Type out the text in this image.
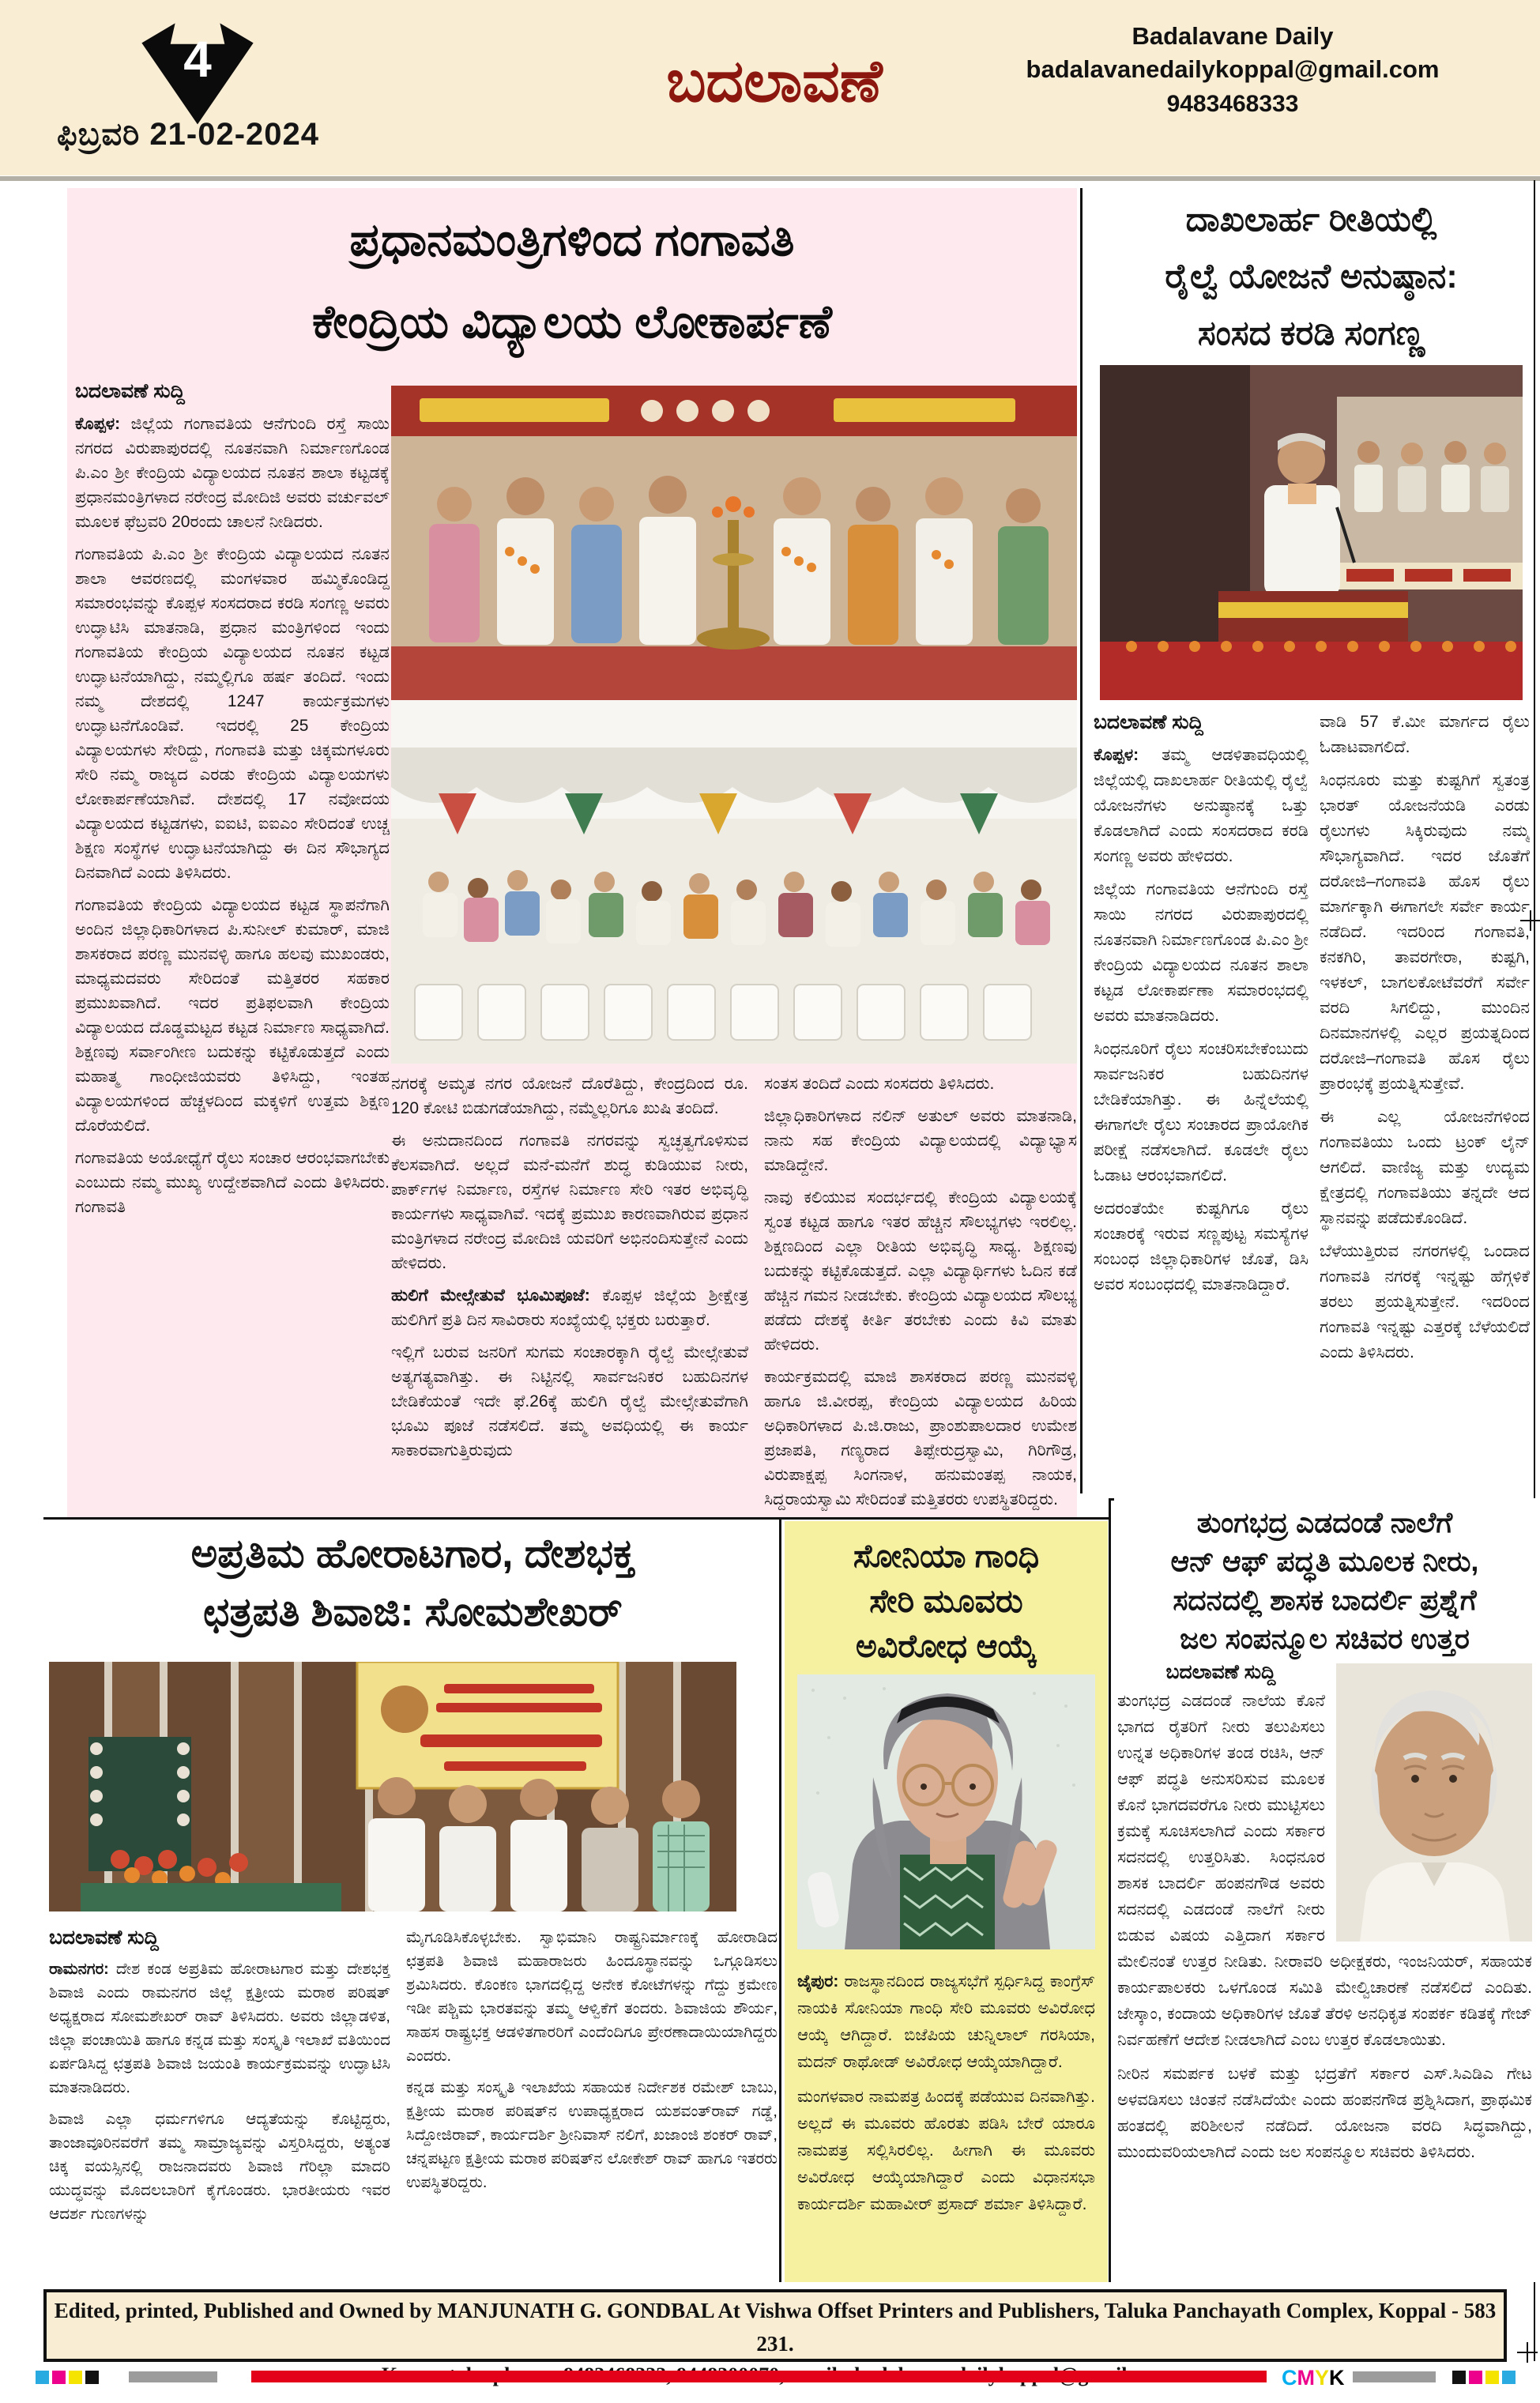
4
ಫಿಬ್ರವರಿ 21-02-2024
ಬದಲಾವಣೆ
Badalavane Daily
badalavanedailykoppal@gmail.com
9483468333
ಪ್ರಧಾನಮಂತ್ರಿಗಳಿಂದ ಗಂಗಾವತಿ
ಕೇಂದ್ರಿಯ ವಿದ್ಯಾಲಯ ಲೋಕಾರ್ಪಣೆ

ಬದಲಾವಣೆ ಸುದ್ದಿ

ಕೊಪ್ಪಳ: ಜಿಲ್ಲೆಯ ಗಂಗಾವತಿಯ ಆನೆಗುಂದಿ ರಸ್ತೆ ಸಾಯಿ ನಗರದ ವಿರುಪಾಪುರದಲ್ಲಿ ನೂತನವಾಗಿ ನಿರ್ಮಾಣಗೊಂಡ ಪಿ.ಎಂ ಶ್ರೀ ಕೇಂದ್ರಿಯ ವಿದ್ಯಾಲಯದ ನೂತನ ಶಾಲಾ ಕಟ್ಟಡಕ್ಕೆ ಪ್ರಧಾನಮಂತ್ರಿಗಳಾದ ನರೇಂದ್ರ ಮೋದಿಜಿ ಅವರು ವರ್ಚುವಲ್ ಮೂಲಕ ಫೆಬ್ರವರಿ 20ರಂದು ಚಾಲನೆ ನೀಡಿದರು.

ಗಂಗಾವತಿಯ ಪಿ.ಎಂ ಶ್ರೀ ಕೇಂದ್ರಿಯ ವಿದ್ಯಾಲಯದ ನೂತನ ಶಾಲಾ ಆವರಣದಲ್ಲಿ ಮಂಗಳವಾರ ಹಮ್ಮಿಕೊಂಡಿದ್ದ ಸಮಾರಂಭವನ್ನು ಕೊಪ್ಪಳ ಸಂಸದರಾದ ಕರಡಿ ಸಂಗಣ್ಣ ಅವರು ಉದ್ಘಾಟಿಸಿ ಮಾತನಾಡಿ, ಪ್ರಧಾನ ಮಂತ್ರಿಗಳಿಂದ ಇಂದು ಗಂಗಾವತಿಯ ಕೇಂದ್ರಿಯ ವಿದ್ಯಾಲಯದ ನೂತನ ಕಟ್ಟಡ ಉದ್ಘಾಟನೆಯಾಗಿದ್ದು, ನಮ್ಮಲ್ಲಿಗೂ ಹರ್ಷ ತಂದಿದೆ. ಇಂದು ನಮ್ಮ ದೇಶದಲ್ಲಿ 1247 ಕಾರ್ಯಕ್ರಮಗಳು ಉದ್ಘಾಟನೆಗೊಂಡಿವೆ. ಇದರಲ್ಲಿ 25 ಕೇಂದ್ರಿಯ ವಿದ್ಯಾಲಯಗಳು ಸೇರಿದ್ದು, ಗಂಗಾವತಿ ಮತ್ತು ಚಿಕ್ಕಮಗಳೂರು ಸೇರಿ ನಮ್ಮ ರಾಜ್ಯದ ಎರಡು ಕೇಂದ್ರಿಯ ವಿದ್ಯಾಲಯಗಳು ಲೋಕಾರ್ಪಣೆಯಾಗಿವೆ. ದೇಶದಲ್ಲಿ 17 ನವೋದಯ ವಿದ್ಯಾಲಯದ ಕಟ್ಟಡಗಳು, ಐಐಟಿ, ಐಐಎಂ ಸೇರಿದಂತೆ ಉಚ್ಚ ಶಿಕ್ಷಣ ಸಂಸ್ಥೆಗಳ ಉದ್ಘಾಟನೆಯಾಗಿದ್ದು ಈ ದಿನ ಸೌಭಾಗ್ಯದ ದಿನವಾಗಿದೆ ಎಂದು ತಿಳಿಸಿದರು.

ಗಂಗಾವತಿಯ ಕೇಂದ್ರಿಯ ವಿದ್ಯಾಲಯದ ಕಟ್ಟಡ ಸ್ಥಾಪನೆಗಾಗಿ ಅಂದಿನ ಜಿಲ್ಲಾಧಿಕಾರಿಗಳಾದ ಪಿ.ಸುನೀಲ್ ಕುಮಾರ್, ಮಾಜಿ ಶಾಸಕರಾದ ಪರಣ್ಣ ಮುನವಳ್ಳಿ ಹಾಗೂ ಹಲವು ಮುಖಂಡರು, ಮಾಧ್ಯಮದವರು ಸೇರಿದಂತೆ ಮತ್ತಿತರರ ಸಹಕಾರ ಪ್ರಮುಖವಾಗಿದೆ. ಇದರ ಪ್ರತಿಫಲವಾಗಿ ಕೇಂದ್ರಿಯ ವಿದ್ಯಾಲಯದ ದೊಡ್ಡಮಟ್ಟದ ಕಟ್ಟಡ ನಿರ್ಮಾಣ ಸಾಧ್ಯವಾಗಿದೆ. ಶಿಕ್ಷಣವು ಸರ್ವಾಂಗೀಣ ಬದುಕನ್ನು ಕಟ್ಟಿಕೊಡುತ್ತದೆ ಎಂದು ಮಹಾತ್ಮ ಗಾಂಧೀಜಿಯವರು ತಿಳಿಸಿದ್ದು, ಇಂತಹ ವಿದ್ಯಾಲಯಗಳಿಂದ ಹೆಚ್ಚಳದಿಂದ ಮಕ್ಕಳಿಗೆ ಉತ್ತಮ ಶಿಕ್ಷಣ ದೊರೆಯಲಿದೆ.

ಗಂಗಾವತಿಯ ಅಯೋಧ್ಯೆಗೆ ರೈಲು ಸಂಚಾರ ಆರಂಭವಾಗಬೇಕು ಎಂಬುದು ನಮ್ಮ ಮುಖ್ಯ ಉದ್ದೇಶವಾಗಿದೆ ಎಂದು ತಿಳಿಸಿದರು. ಗಂಗಾವತಿ

ನಗರಕ್ಕೆ ಅಮೃತ ನಗರ ಯೋಜನೆ ದೊರೆತಿದ್ದು, ಕೇಂದ್ರದಿಂದ ರೂ. 120 ಕೋಟಿ ಬಿಡುಗಡೆಯಾಗಿದ್ದು, ನಮ್ಮೆಲ್ಲರಿಗೂ ಖುಷಿ ತಂದಿದೆ.

ಈ ಅನುದಾನದಿಂದ ಗಂಗಾವತಿ ನಗರವನ್ನು ಸ್ವಚ್ಛತ್ವಗೊಳಿಸುವ ಕೆಲಸವಾಗಿದೆ. ಅಲ್ಲದೆ ಮನೆ-ಮನೆಗೆ ಶುದ್ಧ ಕುಡಿಯುವ ನೀರು, ಪಾರ್ಕ್‌ಗಳ ನಿರ್ಮಾಣ, ರಸ್ತೆಗಳ ನಿರ್ಮಾಣ ಸೇರಿ ಇತರ ಅಭಿವೃದ್ಧಿ ಕಾರ್ಯಗಳು ಸಾಧ್ಯವಾಗಿವೆ. ಇದಕ್ಕೆ ಪ್ರಮುಖ ಕಾರಣವಾಗಿರುವ ಪ್ರಧಾನ ಮಂತ್ರಿಗಳಾದ ನರೇಂದ್ರ ಮೋದಿಜಿ ಯವರಿಗೆ ಅಭಿನಂದಿಸುತ್ತೇನೆ ಎಂದು ಹೇಳಿದರು.

ಹುಲಿಗೆ ಮೇಲ್ಸೇತುವೆ ಭೂಮಿಪೂಜೆ: ಕೊಪ್ಪಳ ಜಿಲ್ಲೆಯ ಶ್ರೀಕ್ಷೇತ್ರ ಹುಲಿಗಿಗೆ ಪ್ರತಿ ದಿನ ಸಾವಿರಾರು ಸಂಖ್ಯೆಯಲ್ಲಿ ಭಕ್ತರು ಬರುತ್ತಾರೆ.

ಇಲ್ಲಿಗೆ ಬರುವ ಜನರಿಗೆ ಸುಗಮ ಸಂಚಾರಕ್ಕಾಗಿ ರೈಲ್ವೆ ಮೇಲ್ಸೇತುವೆ ಅತ್ಯಗತ್ಯವಾಗಿತ್ತು. ಈ ನಿಟ್ಟಿನಲ್ಲಿ ಸಾರ್ವಜನಿಕರ ಬಹುದಿನಗಳ ಬೇಡಿಕೆಯಂತೆ ಇದೇ ಫೆ.26ಕ್ಕೆ ಹುಲಿಗಿ ರೈಲ್ವೆ ಮೇಲ್ಸೇತುವೆಗಾಗಿ ಭೂಮಿ ಪೂಜೆ ನಡೆಸಲಿದೆ. ತಮ್ಮ ಅವಧಿಯಲ್ಲಿ ಈ ಕಾರ್ಯ ಸಾಕಾರವಾಗುತ್ತಿರುವುದು

ಸಂತಸ ತಂದಿದೆ ಎಂದು ಸಂಸದರು ತಿಳಿಸಿದರು.

ಜಿಲ್ಲಾಧಿಕಾರಿಗಳಾದ ನಲಿನ್ ಅತುಲ್ ಅವರು ಮಾತನಾಡಿ, ನಾನು ಸಹ ಕೇಂದ್ರಿಯ ವಿದ್ಯಾಲಯದಲ್ಲಿ ವಿದ್ಯಾಭ್ಯಾಸ ಮಾಡಿದ್ದೇನೆ.

ನಾವು ಕಲಿಯುವ ಸಂದರ್ಭದಲ್ಲಿ ಕೇಂದ್ರಿಯ ವಿದ್ಯಾಲಯಕ್ಕೆ ಸ್ವಂತ ಕಟ್ಟಡ ಹಾಗೂ ಇತರ ಹೆಚ್ಚಿನ ಸೌಲಭ್ಯಗಳು ಇರಲಿಲ್ಲ. ಶಿಕ್ಷಣದಿಂದ ಎಲ್ಲಾ ರೀತಿಯ ಅಭಿವೃದ್ಧಿ ಸಾಧ್ಯ. ಶಿಕ್ಷಣವು ಬದುಕನ್ನು ಕಟ್ಟಿಕೊಡುತ್ತದೆ. ಎಲ್ಲಾ ವಿದ್ಯಾರ್ಥಿಗಳು ಓದಿನ ಕಡೆ ಹೆಚ್ಚಿನ ಗಮನ ನೀಡಬೇಕು. ಕೇಂದ್ರಿಯ ವಿದ್ಯಾಲಯದ ಸೌಲಭ್ಯ ಪಡೆದು ದೇಶಕ್ಕೆ ಕೀರ್ತಿ ತರಬೇಕು ಎಂದು ಕಿವಿ ಮಾತು ಹೇಳಿದರು.

ಕಾರ್ಯಕ್ರಮದಲ್ಲಿ ಮಾಜಿ ಶಾಸಕರಾದ ಪರಣ್ಣ ಮುನವಳ್ಳಿ ಹಾಗೂ ಜಿ.ವೀರಪ್ಪ, ಕೇಂದ್ರಿಯ ವಿದ್ಯಾಲಯದ ಹಿರಿಯ ಅಧಿಕಾರಿಗಳಾದ ಪಿ.ಜಿ.ರಾಜು, ಪ್ರಾಂಶುಪಾಲದಾರ ಉಮೇಶ ಪ್ರಜಾಪತಿ, ಗಣ್ಯರಾದ ತಿಪ್ಪೇರುದ್ರಸ್ವಾಮಿ, ಗಿರಿಗೌಡ್ರ, ವಿರುಪಾಕ್ಷಪ್ಪ ಸಿಂಗನಾಳ, ಹನುಮಂತಪ್ಪ ನಾಯಕ, ಸಿದ್ದರಾಯಸ್ವಾಮಿ ಸೇರಿದಂತೆ ಮತ್ತಿತರರು ಉಪಸ್ಥಿತರಿದ್ದರು.

ದಾಖಲಾರ್ಹ ರೀತಿಯಲ್ಲಿ
ರೈಲ್ವೆ ಯೋಜನೆ ಅನುಷ್ಠಾನ:
ಸಂಸದ ಕರಡಿ ಸಂಗಣ್ಣ

ಬದಲಾವಣೆ ಸುದ್ದಿ

ಕೊಪ್ಪಳ: ತಮ್ಮ ಆಡಳಿತಾವಧಿಯಲ್ಲಿ ಜಿಲ್ಲೆಯಲ್ಲಿ ದಾಖಲಾರ್ಹ ರೀತಿಯಲ್ಲಿ ರೈಲ್ವೆ ಯೋಜನೆಗಳು ಅನುಷ್ಠಾನಕ್ಕೆ ಒತ್ತು ಕೊಡಲಾಗಿದೆ ಎಂದು ಸಂಸದರಾದ ಕರಡಿ ಸಂಗಣ್ಣ ಅವರು ಹೇಳಿದರು.

ಜಿಲ್ಲೆಯ ಗಂಗಾವತಿಯ ಆನೆಗುಂದಿ ರಸ್ತೆ ಸಾಯಿ ನಗರದ ವಿರುಪಾಪುರದಲ್ಲಿ ನೂತನವಾಗಿ ನಿರ್ಮಾಣಗೊಂಡ ಪಿ.ಎಂ ಶ್ರೀ ಕೇಂದ್ರಿಯ ವಿದ್ಯಾಲಯದ ನೂತನ ಶಾಲಾ ಕಟ್ಟಡ ಲೋಕಾರ್ಪಣಾ ಸಮಾರಂಭದಲ್ಲಿ ಅವರು ಮಾತನಾಡಿದರು.

ಸಿಂಧನೂರಿಗೆ ರೈಲು ಸಂಚರಿಸಬೇಕೆಂಬುದು ಸಾರ್ವಜನಿಕರ ಬಹುದಿನಗಳ ಬೇಡಿಕೆಯಾಗಿತ್ತು. ಈ ಹಿನ್ನೆಲೆಯಲ್ಲಿ ಈಗಾಗಲೇ ರೈಲು ಸಂಚಾರದ ಪ್ರಾಯೋಗಿಕ ಪರೀಕ್ಷೆ ನಡೆಸಲಾಗಿದೆ. ಕೂಡಲೇ ರೈಲು ಓಡಾಟ ಆರಂಭವಾಗಲಿದೆ.

ಅದರಂತೆಯೇ ಕುಷ್ಟಗಿಗೂ ರೈಲು ಸಂಚಾರಕ್ಕೆ ಇರುವ ಸಣ್ಣಪುಟ್ಟ ಸಮಸ್ಯೆಗಳ ಸಂಬಂಧ ಜಿಲ್ಲಾಧಿಕಾರಿಗಳ ಜೊತೆ, ಡಿಸಿ ಅವರ ಸಂಬಂಧದಲ್ಲಿ ಮಾತನಾಡಿದ್ದಾರೆ.

ವಾಡಿ 57 ಕೆ.ಮೀ ಮಾರ್ಗದ ರೈಲು ಓಡಾಟವಾಗಲಿದೆ.

ಸಿಂಧನೂರು ಮತ್ತು ಕುಷ್ಟಗಿಗೆ ಸ್ವತಂತ್ರ ಭಾರತ್ ಯೋಜನೆಯಡಿ ಎರಡು ರೈಲುಗಳು ಸಿಕ್ಕಿರುವುದು ನಮ್ಮ ಸೌಭಾಗ್ಯವಾಗಿದೆ. ಇದರ ಜೊತೆಗೆ ದರೋಜಿ–ಗಂಗಾವತಿ ಹೊಸ ರೈಲು ಮಾರ್ಗಕ್ಕಾಗಿ ಈಗಾಗಲೇ ಸರ್ವೇ ಕಾರ್ಯ ನಡೆದಿದೆ. ಇದರಿಂದ ಗಂಗಾವತಿ, ಕನಕಗಿರಿ, ತಾವರಗೇರಾ, ಕುಷ್ಟಗಿ, ಇಳಕಲ್, ಬಾಗಲಕೋಟೆವರೆಗೆ ಸರ್ವೇ ವರದಿ ಸಿಗಲಿದ್ದು, ಮುಂದಿನ ದಿನಮಾನಗಳಲ್ಲಿ ಎಲ್ಲರ ಪ್ರಯತ್ನದಿಂದ ದರೋಜಿ–ಗಂಗಾವತಿ ಹೊಸ ರೈಲು ಪ್ರಾರಂಭಕ್ಕೆ ಪ್ರಯತ್ನಿಸುತ್ತೇವೆ.

ಈ ಎಲ್ಲ ಯೋಜನೆಗಳಿಂದ ಗಂಗಾವತಿಯು ಒಂದು ಟ್ರಂಕ್ ಲೈನ್ ಆಗಲಿದೆ. ವಾಣಿಜ್ಯ ಮತ್ತು ಉದ್ಯಮ ಕ್ಷೇತ್ರದಲ್ಲಿ ಗಂಗಾವತಿಯು ತನ್ನದೇ ಆದ ಸ್ಥಾನವನ್ನು ಪಡೆದುಕೊಂಡಿದೆ.

ಬೆಳೆಯುತ್ತಿರುವ ನಗರಗಳಲ್ಲಿ ಒಂದಾದ ಗಂಗಾವತಿ ನಗರಕ್ಕೆ ಇನ್ನಷ್ಟು ಹೆಗ್ಗಳಿಕೆ ತರಲು ಪ್ರಯತ್ನಿಸುತ್ತೇನೆ. ಇದರಿಂದ ಗಂಗಾವತಿ ಇನ್ನಷ್ಟು ಎತ್ತರಕ್ಕೆ ಬೆಳೆಯಲಿದೆ ಎಂದು ತಿಳಿಸಿದರು.

ಅಪ್ರತಿಮ ಹೋರಾಟಗಾರ, ದೇಶಭಕ್ತ
ಛತ್ರಪತಿ ಶಿವಾಜಿ: ಸೋಮಶೇಖರ್

ಬದಲಾವಣೆ ಸುದ್ದಿ

ರಾಮನಗರ: ದೇಶ ಕಂಡ ಅಪ್ರತಿಮ ಹೋರಾಟಗಾರ ಮತ್ತು ದೇಶಭಕ್ತ ಶಿವಾಜಿ ಎಂದು ರಾಮನಗರ ಜಿಲ್ಲೆ ಕ್ಷತ್ರೀಯ ಮರಾಠ ಪರಿಷತ್ ಅಧ್ಯಕ್ಷರಾದ ಸೋಮಶೇಖರ್ ರಾವ್ ತಿಳಿಸಿದರು. ಅವರು ಜಿಲ್ಲಾಡಳಿತ, ಜಿಲ್ಲಾ ಪಂಚಾಯಿತಿ ಹಾಗೂ ಕನ್ನಡ ಮತ್ತು ಸಂಸ್ಕೃತಿ ಇಲಾಖೆ ವತಿಯಿಂದ ಏರ್ಪಡಿಸಿದ್ದ ಛತ್ರಪತಿ ಶಿವಾಜಿ ಜಯಂತಿ ಕಾರ್ಯಕ್ರಮವನ್ನು ಉದ್ಘಾಟಿಸಿ ಮಾತನಾಡಿದರು.

ಶಿವಾಜಿ ಎಲ್ಲಾ ಧರ್ಮಗಳಿಗೂ ಆದ್ಯತೆಯನ್ನು ಕೊಟ್ಟಿದ್ದರು, ತಾಂಜಾವೂರಿನವರೆಗೆ ತಮ್ಮ ಸಾಮ್ರಾಜ್ಯವನ್ನು ವಿಸ್ತರಿಸಿದ್ದರು, ಅತ್ಯಂತ ಚಿಕ್ಕ ವಯಸ್ಸಿನಲ್ಲಿ ರಾಜನಾದವರು ಶಿವಾಜಿ ಗೆರಿಲ್ಲಾ ಮಾದರಿ ಯುದ್ಧವನ್ನು ಮೊದಲಬಾರಿಗೆ ಕೈಗೊಂಡರು. ಭಾರತೀಯರು ಇವರ ಆದರ್ಶ ಗುಣಗಳನ್ನು

ಮೈಗೂಡಿಸಿಕೊಳ್ಳಬೇಕು. ಸ್ವಾಭಿಮಾನಿ ರಾಷ್ಟ್ರನಿರ್ಮಾಣಕ್ಕೆ ಹೋರಾಡಿದ ಛತ್ರಪತಿ ಶಿವಾಜಿ ಮಹಾರಾಜರು ಹಿಂದೂಸ್ಥಾನವನ್ನು ಒಗ್ಗೂಡಿಸಲು ಶ್ರಮಿಸಿದರು. ಕೊಂಕಣ ಭಾಗದಲ್ಲಿದ್ದ ಅನೇಕ ಕೋಟೆಗಳನ್ನು ಗೆದ್ದು ಕ್ರಮೇಣ ಇಡೀ ಪಶ್ಚಿಮ ಭಾರತವನ್ನು ತಮ್ಮ ಆಳ್ವಿಕೆಗೆ ತಂದರು. ಶಿವಾಜಿಯ ಶೌರ್ಯ, ಸಾಹಸ ರಾಷ್ಟ್ರಭಕ್ತ ಆಡಳಿತಗಾರರಿಗೆ ಎಂದೆಂದಿಗೂ ಪ್ರೇರಣಾದಾಯಿಯಾಗಿದ್ದರು ಎಂದರು.

ಕನ್ನಡ ಮತ್ತು ಸಂಸ್ಕೃತಿ ಇಲಾಖೆಯ ಸಹಾಯಕ ನಿರ್ದೇಶಕ ರಮೇಶ್ ಬಾಬು, ಕ್ಷತ್ರೀಯ ಮರಾಠ ಪರಿಷತ್‌ನ ಉಪಾಧ್ಯಕ್ಷರಾದ ಯಶವಂತ್‌ರಾವ್ ಗಡ್ಡೆ, ಸಿದ್ದೋಜಿರಾವ್, ಕಾರ್ಯದರ್ಶಿ ಶ್ರೀನಿವಾಸ್ ನಲಿಗೆ, ಖಜಾಂಜಿ ಶಂಕರ್ ರಾವ್, ಚನ್ನಪಟ್ಟಣ ಕ್ಷತ್ರೀಯ ಮರಾಠ ಪರಿಷತ್‌ನ ಲೋಕೇಶ್ ರಾವ್ ಹಾಗೂ ಇತರರು ಉಪಸ್ಥಿತರಿದ್ದರು.

ಸೋನಿಯಾ ಗಾಂಧಿ
ಸೇರಿ ಮೂವರು
ಅವಿರೋಧ ಆಯ್ಕೆ

ಜೈಪುರ: ರಾಜಸ್ಥಾನದಿಂದ ರಾಜ್ಯಸಭೆಗೆ ಸ್ಪರ್ಧಿಸಿದ್ದ ಕಾಂಗ್ರೆಸ್ ನಾಯಕಿ ಸೋನಿಯಾ ಗಾಂಧಿ ಸೇರಿ ಮೂವರು ಅವಿರೋಧ ಆಯ್ಕೆ ಆಗಿದ್ದಾರೆ. ಬಿಜೆಪಿಯ ಚುನ್ನಿಲಾಲ್ ಗರಸಿಯಾ, ಮದನ್ ರಾಥೋಡ್ ಅವಿರೋಧ ಆಯ್ಕೆಯಾಗಿದ್ದಾರೆ.

ಮಂಗಳವಾರ ನಾಮಪತ್ರ ಹಿಂದಕ್ಕೆ ಪಡೆಯುವ ದಿನವಾಗಿತ್ತು. ಅಲ್ಲದೆ ಈ ಮೂವರು ಹೊರತು ಪಡಿಸಿ ಬೇರೆ ಯಾರೂ ನಾಮಪತ್ರ ಸಲ್ಲಿಸಿರಲಿಲ್ಲ. ಹೀಗಾಗಿ ಈ ಮೂವರು ಅವಿರೋಧ ಆಯ್ಕೆಯಾಗಿದ್ದಾರೆ ಎಂದು ವಿಧಾನಸಭಾ ಕಾರ್ಯದರ್ಶಿ ಮಹಾವೀರ್ ಪ್ರಸಾದ್ ಶರ್ಮಾ ತಿಳಿಸಿದ್ದಾರೆ.

ತುಂಗಭದ್ರ ಎಡದಂಡೆ ನಾಲೆಗೆ
ಆನ್ ಆಫ್ ಪದ್ಧತಿ ಮೂಲಕ ನೀರು,
ಸದನದಲ್ಲಿ ಶಾಸಕ ಬಾದರ್ಲಿ ಪ್ರಶ್ನೆಗೆ
ಜಲ ಸಂಪನ್ಮೂಲ ಸಚಿವರ ಉತ್ತರ
ಬದಲಾವಣೆ ಸುದ್ದಿ

ತುಂಗಭದ್ರ ಎಡದಂಡೆ ನಾಲೆಯ ಕೊನೆ ಭಾಗದ ರೈತರಿಗೆ ನೀರು ತಲುಪಿಸಲು ಉನ್ನತ ಅಧಿಕಾರಿಗಳ ತಂಡ ರಚಿಸಿ, ಆನ್ ಆಫ್ ಪದ್ಧತಿ ಅನುಸರಿಸುವ ಮೂಲಕ ಕೊನೆ ಭಾಗದವರೆಗೂ ನೀರು ಮುಟ್ಟಿಸಲು ಕ್ರಮಕ್ಕೆ ಸೂಚಿಸಲಾಗಿದೆ ಎಂದು ಸರ್ಕಾರ ಸದನದಲ್ಲಿ ಉತ್ತರಿಸಿತು. ಸಿಂಧನೂರ ಶಾಸಕ ಬಾದರ್ಲಿ ಹಂಪನಗೌಡ ಅವರು ಸದನದಲ್ಲಿ ಎಡದಂಡೆ ನಾಲೆಗೆ ನೀರು ಬಿಡುವ ವಿಷಯ ಎತ್ತಿದಾಗ ಸರ್ಕಾರ ಮೇಲಿನಂತೆ ಉತ್ತರ ನೀಡಿತು. ನೀರಾವರಿ ಅಧೀಕ್ಷಕರು, ಇಂಜನಿಯರ್, ಸಹಾಯಕ ಕಾರ್ಯಪಾಲಕರು ಒಳಗೊಂಡ ಸಮಿತಿ ಮೇಲ್ವಿಚಾರಣೆ ನಡೆಸಲಿದೆ ಎಂದಿತು. ಜೇಸ್ಕಾಂ, ಕಂದಾಯ ಅಧಿಕಾರಿಗಳ ಜೊತೆ ತೆರಳಿ ಅನಧಿಕೃತ ಸಂಪರ್ಕ ಕಡಿತಕ್ಕೆ ಗೇಜ್ ನಿರ್ವಹಣೆಗೆ ಆದೇಶ ನೀಡಲಾಗಿದೆ ಎಂಬ ಉತ್ತರ ಕೊಡಲಾಯಿತು.

ನೀರಿನ ಸಮರ್ಪಕ ಬಳಕೆ ಮತ್ತು ಭದ್ರತೆಗೆ ಸರ್ಕಾರ ಎಸ್.ಸಿಎಡಿಎ ಗೇಟ ಅಳವಡಿಸಲು ಚಿಂತನೆ ನಡೆಸಿದೆಯೇ ಎಂದು ಹಂಪನಗೌಡ ಪ್ರಶ್ನಿಸಿದಾಗ, ಪ್ರಾಥಮಿಕ ಹಂತದಲ್ಲಿ ಪರಿಶೀಲನೆ ನಡೆದಿದೆ. ಯೋಜನಾ ವರದಿ ಸಿದ್ಧವಾಗಿದ್ದು, ಮುಂದುವರಿಯಲಾಗಿದೆ ಎಂದು ಜಲ ಸಂಪನ್ಮೂಲ ಸಚಿವರು ತಿಳಿಸಿದರು.

Edited, printed, Published and Owned by MANJUNATH G. GONDBAL At Vishwa Offset Printers and Publishers, Taluka Panchayath Complex, Koppal - 583 231.
CMYK
